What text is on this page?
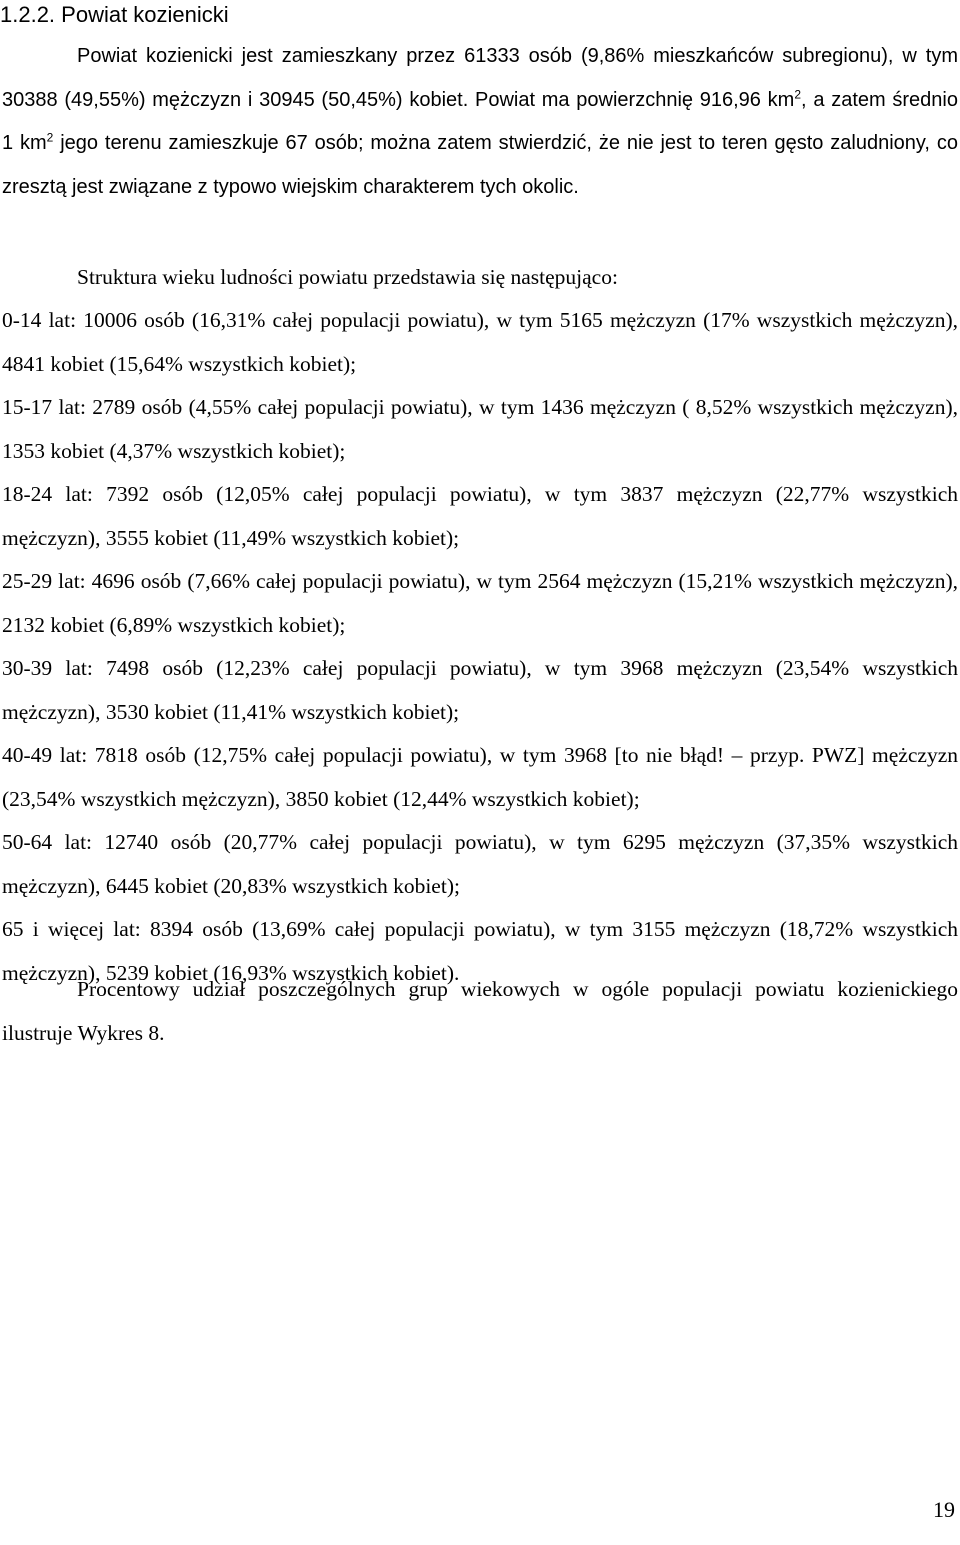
1.2.2. Powiat kozienicki

Powiat kozienicki jest zamieszkany przez 61333 osób (9,86% mieszkańców subregionu), w tym 30388 (49,55%) mężczyzn i 30945 (50,45%) kobiet. Powiat ma powierzchnię 916,96 $km^2$, a zatem średnio 1 $km^2$ jego terenu zamieszkuje 67 osób; można zatem stwierdzić, że nie jest to teren gęsto zaludniony, co zresztą jest związane z typowo wiejskim charakterem tych okolic.

Struktura wieku ludności powiatu przedstawia się następująco:

0-14 lat: 10006 osób (16,31% całej populacji powiatu), w tym 5165 mężczyzn (17% wszystkich mężczyzn), 4841 kobiet (15,64% wszystkich kobiet);
15-17 lat: 2789 osób (4,55% całej populacji powiatu), w tym 1436 mężczyzn ( 8,52% wszystkich mężczyzn), 1353 kobiet (4,37% wszystkich kobiet);
18-24 lat: 7392 osób (12,05% całej populacji powiatu), w tym 3837 mężczyzn (22,77% wszystkich mężczyzn), 3555 kobiet (11,49% wszystkich kobiet);
25-29 lat: 4696 osób (7,66% całej populacji powiatu), w tym 2564 mężczyzn (15,21% wszystkich mężczyzn), 2132 kobiet (6,89% wszystkich kobiet);
30-39 lat: 7498 osób (12,23% całej populacji powiatu), w tym 3968 mężczyzn (23,54% wszystkich mężczyzn), 3530 kobiet (11,41% wszystkich kobiet);
40-49 lat: 7818 osób (12,75% całej populacji powiatu), w tym 3968 [to nie błąd! – przyp. PWZ] mężczyzn (23,54% wszystkich mężczyzn), 3850 kobiet (12,44% wszystkich kobiet);
50-64 lat: 12740 osób (20,77% całej populacji powiatu), w tym 6295 mężczyzn (37,35% wszystkich mężczyzn), 6445 kobiet (20,83% wszystkich kobiet);
65 i więcej lat: 8394 osób (13,69% całej populacji powiatu), w tym 3155 mężczyzn (18,72% wszystkich mężczyzn), 5239 kobiet (16,93% wszystkich kobiet).

Procentowy udział poszczególnych grup wiekowych w ogóle populacji powiatu kozienickiego ilustruje Wykres 8.

19
